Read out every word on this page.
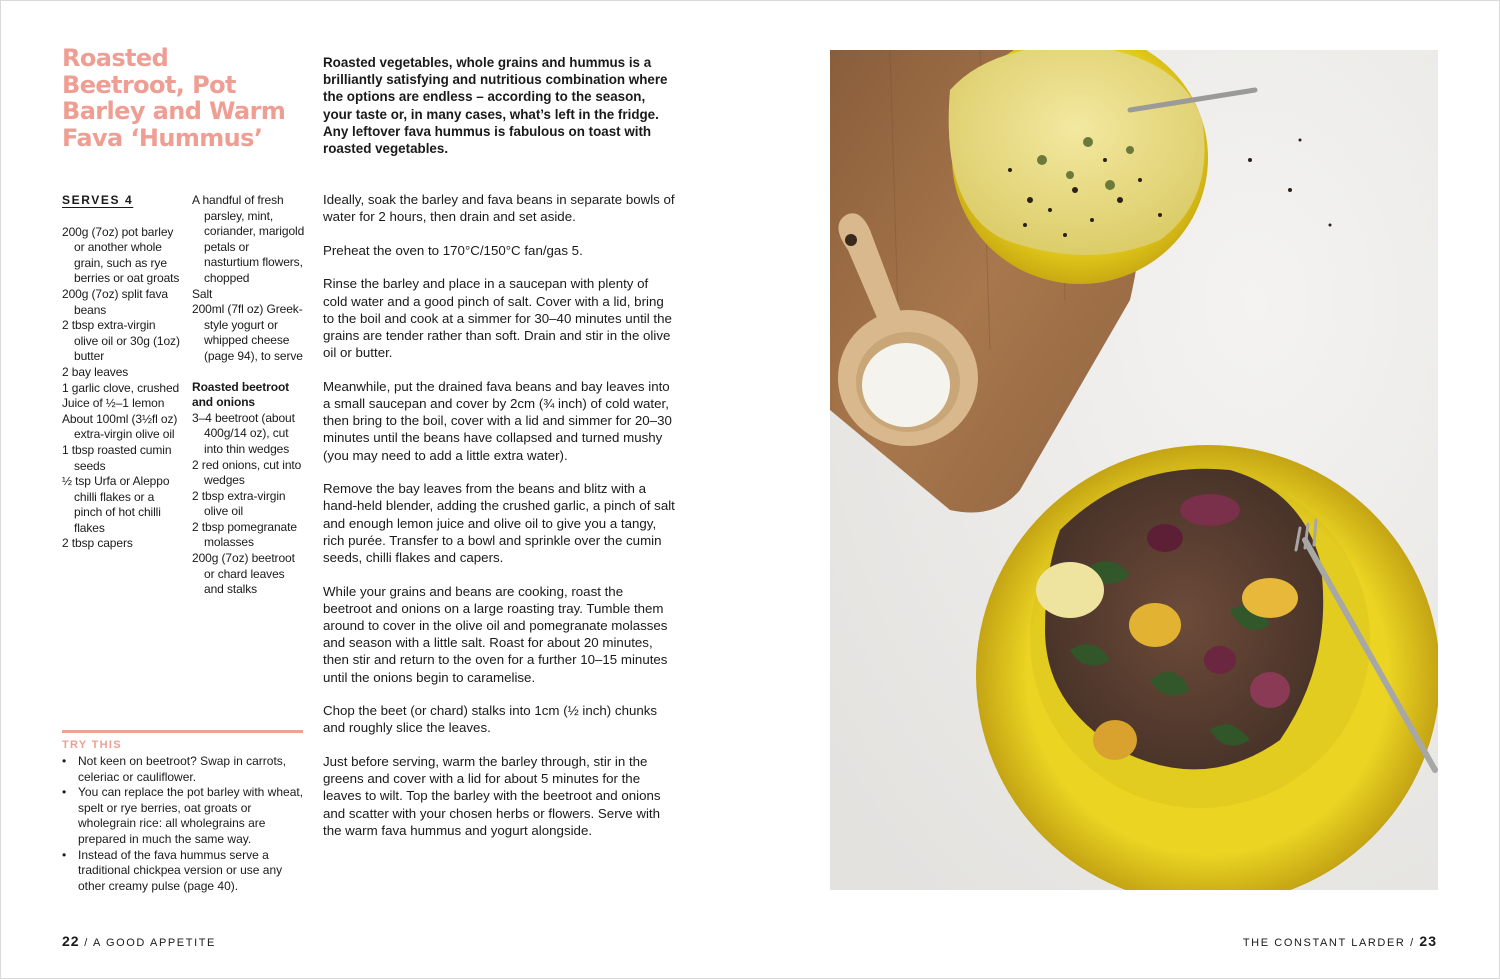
Roasted Beetroot, Pot Barley and Warm Fava ‘Hummus’

Roasted vegetables, whole grains and hummus is a brilliantly satisfying and nutritious combination where the options are endless – according to the season, your taste or, in many cases, what’s left in the fridge. Any leftover fava hummus is fabulous on toast with roasted vegetables.

SERVES 4

200g (7oz) pot barley or another whole grain, such as rye berries or oat groats

200g (7oz) split fava beans

2 tbsp extra-virgin olive oil or 30g (1oz) butter

2 bay leaves

1 garlic clove, crushed

Juice of ½–1 lemon

About 100ml (3½fl oz) extra-virgin olive oil

1 tbsp roasted cumin seeds

½ tsp Urfa or Aleppo chilli flakes or a pinch of hot chilli flakes

2 tbsp capers

A handful of fresh parsley, mint, coriander, marigold petals or nasturtium flowers, chopped

Salt

200ml (7fl oz) Greek-style yogurt or whipped cheese (page 94), to serve

Roasted beetroot and onions

3–4 beetroot (about 400g/14 oz), cut into thin wedges

2 red onions, cut into wedges

2 tbsp extra-virgin olive oil

2 tbsp pomegranate molasses

200g (7oz) beetroot or chard leaves and stalks

Ideally, soak the barley and fava beans in separate bowls of water for 2 hours, then drain and set aside.

Preheat the oven to 170°C/150°C fan/gas 5.

Rinse the barley and place in a saucepan with plenty of cold water and a good pinch of salt. Cover with a lid, bring to the boil and cook at a simmer for 30–40 minutes until the grains are tender rather than soft. Drain and stir in the olive oil or butter.

Meanwhile, put the drained fava beans and bay leaves into a small saucepan and cover by 2cm (¾ inch) of cold water, then bring to the boil, cover with a lid and simmer for 20–30 minutes until the beans have collapsed and turned mushy (you may need to add a little extra water).

Remove the bay leaves from the beans and blitz with a hand-held blender, adding the crushed garlic, a pinch of salt and enough lemon juice and olive oil to give you a tangy, rich purée. Transfer to a bowl and sprinkle over the cumin seeds, chilli flakes and capers.

While your grains and beans are cooking, roast the beetroot and onions on a large roasting tray. Tumble them around to cover in the olive oil and pomegranate molasses and season with a little salt. Roast for about 20 minutes, then stir and return to the oven for a further 10–15 minutes until the onions begin to caramelise.

Chop the beet (or chard) stalks into 1cm (½ inch) chunks and roughly slice the leaves.

Just before serving, warm the barley through, stir in the greens and cover with a lid for about 5 minutes for the leaves to wilt. Top the barley with the beetroot and onions and scatter with your chosen herbs or flowers. Serve with the warm fava hummus and yogurt alongside.

TRY THIS

• Not keen on beetroot? Swap in carrots, celeriac or cauliflower.
• You can replace the pot barley with wheat, spelt or rye berries, oat groats or wholegrain rice: all wholegrains are prepared in much the same way.
• Instead of the fava hummus serve a traditional chickpea version or use any other creamy pulse (page 40).
22 / A GOOD APPETITE	THE CONSTANT LARDER / 23
